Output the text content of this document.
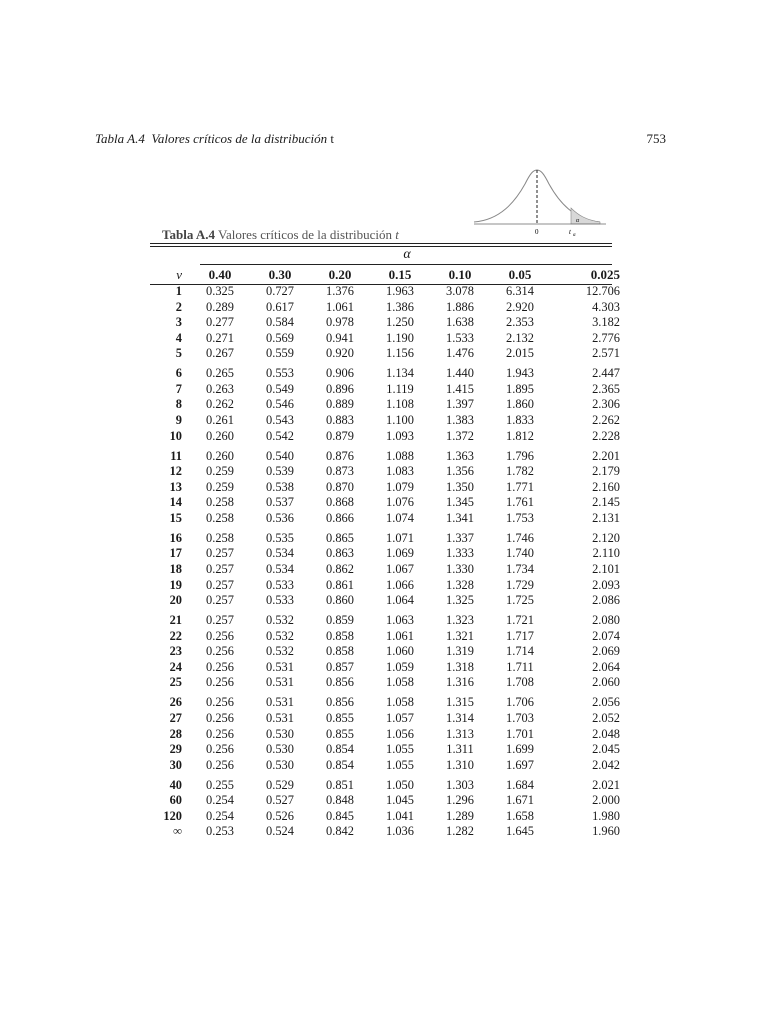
Tabla A.4 Valores críticos de la distribución t	753
0	t α
α
Tabla A.4 Valores críticos de la distribución t
α
v	0.40	0.30	0.20	0.15	0.10	0.05	0.025
1	0.325	0.727	1.376	1.963	3.078	6.314	12.706
2	0.289	0.617	1.061	1.386	1.886	2.920	4.303
3	0.277	0.584	0.978	1.250	1.638	2.353	3.182
4	0.271	0.569	0.941	1.190	1.533	2.132	2.776
5	0.267	0.559	0.920	1.156	1.476	2.015	2.571
6	0.265	0.553	0.906	1.134	1.440	1.943	2.447
7	0.263	0.549	0.896	1.119	1.415	1.895	2.365
8	0.262	0.546	0.889	1.108	1.397	1.860	2.306
9	0.261	0.543	0.883	1.100	1.383	1.833	2.262
10	0.260	0.542	0.879	1.093	1.372	1.812	2.228
11	0.260	0.540	0.876	1.088	1.363	1.796	2.201
12	0.259	0.539	0.873	1.083	1.356	1.782	2.179
13	0.259	0.538	0.870	1.079	1.350	1.771	2.160
14	0.258	0.537	0.868	1.076	1.345	1.761	2.145
15	0.258	0.536	0.866	1.074	1.341	1.753	2.131
16	0.258	0.535	0.865	1.071	1.337	1.746	2.120
17	0.257	0.534	0.863	1.069	1.333	1.740	2.110
18	0.257	0.534	0.862	1.067	1.330	1.734	2.101
19	0.257	0.533	0.861	1.066	1.328	1.729	2.093
20	0.257	0.533	0.860	1.064	1.325	1.725	2.086
21	0.257	0.532	0.859	1.063	1.323	1.721	2.080
22	0.256	0.532	0.858	1.061	1.321	1.717	2.074
23	0.256	0.532	0.858	1.060	1.319	1.714	2.069
24	0.256	0.531	0.857	1.059	1.318	1.711	2.064
25	0.256	0.531	0.856	1.058	1.316	1.708	2.060
26	0.256	0.531	0.856	1.058	1.315	1.706	2.056
27	0.256	0.531	0.855	1.057	1.314	1.703	2.052
28	0.256	0.530	0.855	1.056	1.313	1.701	2.048
29	0.256	0.530	0.854	1.055	1.311	1.699	2.045
30	0.256	0.530	0.854	1.055	1.310	1.697	2.042
40	0.255	0.529	0.851	1.050	1.303	1.684	2.021
60	0.254	0.527	0.848	1.045	1.296	1.671	2.000
120	0.254	0.526	0.845	1.041	1.289	1.658	1.980
∞	0.253	0.524	0.842	1.036	1.282	1.645	1.960
